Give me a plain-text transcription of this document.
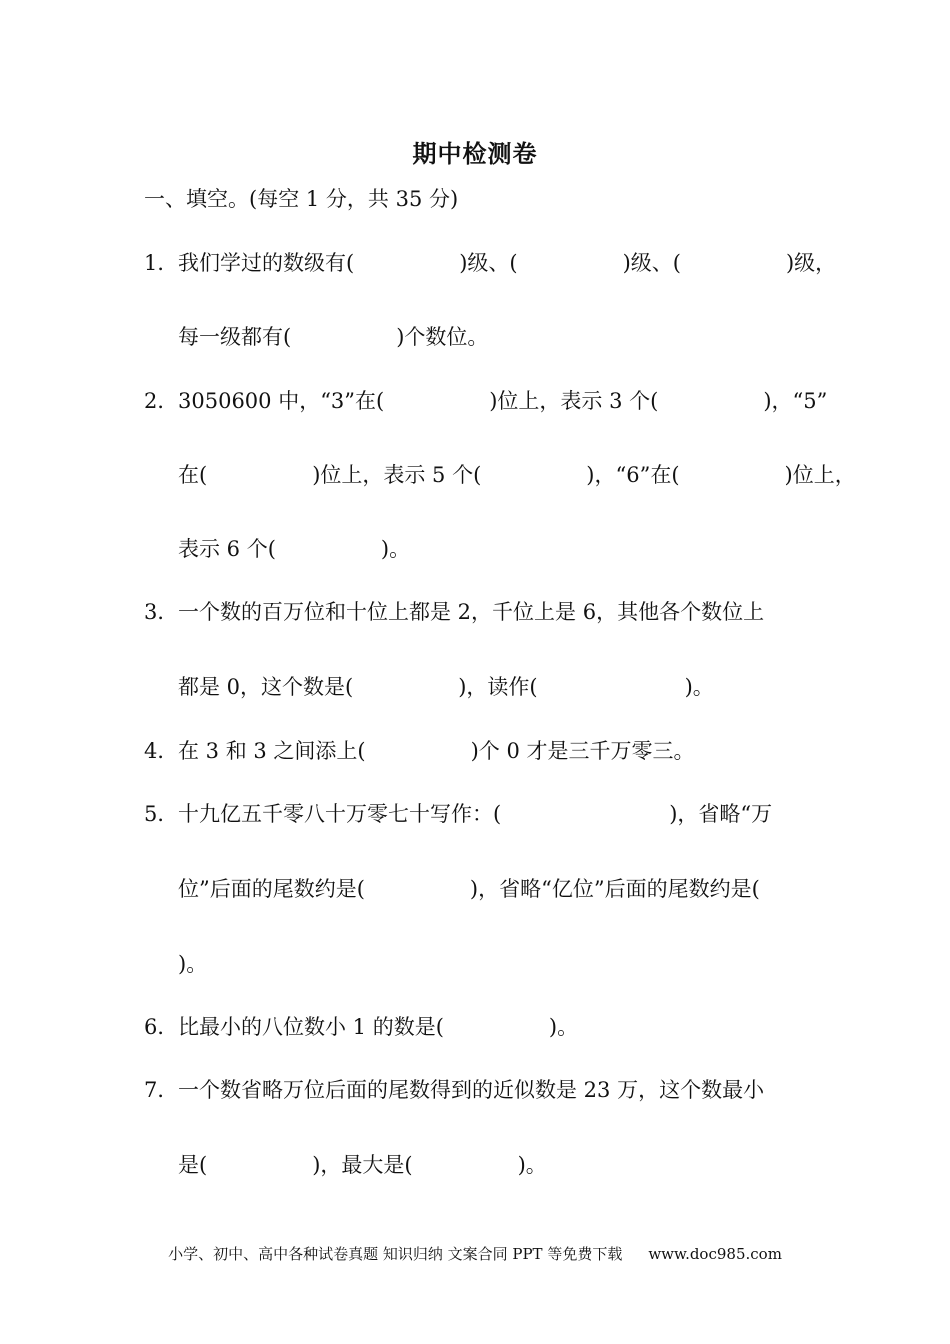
期中检测卷
一、填空。(每空 1 分，共 35 分)
1．我们学过的数级有(　　　　　)级、(　　　　　)级、(　　　　　)级，
每一级都有(　　　　　)个数位。
2．3050600 中，“3”在(　　　　　)位上，表示 3 个(　　　　　)，“5”
在(　　　　　)位上，表示 5 个(　　　　　)，“6”在(　　　　　)位上，
表示 6 个(　　　　　)。
3．一个数的百万位和十位上都是 2，千位上是 6，其他各个数位上
都是 0，这个数是(　　　　　)，读作(　　　　　　　)。
4．在 3 和 3 之间添上(　　　　　)个 0 才是三千万零三。
5．十九亿五千零八十万零七十写作：(　　　　　　　　)，省略“万
位”后面的尾数约是(　　　　　)，省略“亿位”后面的尾数约是(
)。
6．比最小的八位数小 1 的数是(　　　　　)。
7．一个数省略万位后面的尾数得到的近似数是 23 万，这个数最小
是(　　　　　)，最大是(　　　　　)。
小学、初中、高中各种试卷真题 知识归纳 文案合同 PPT 等免费下载 www.doc985.com
